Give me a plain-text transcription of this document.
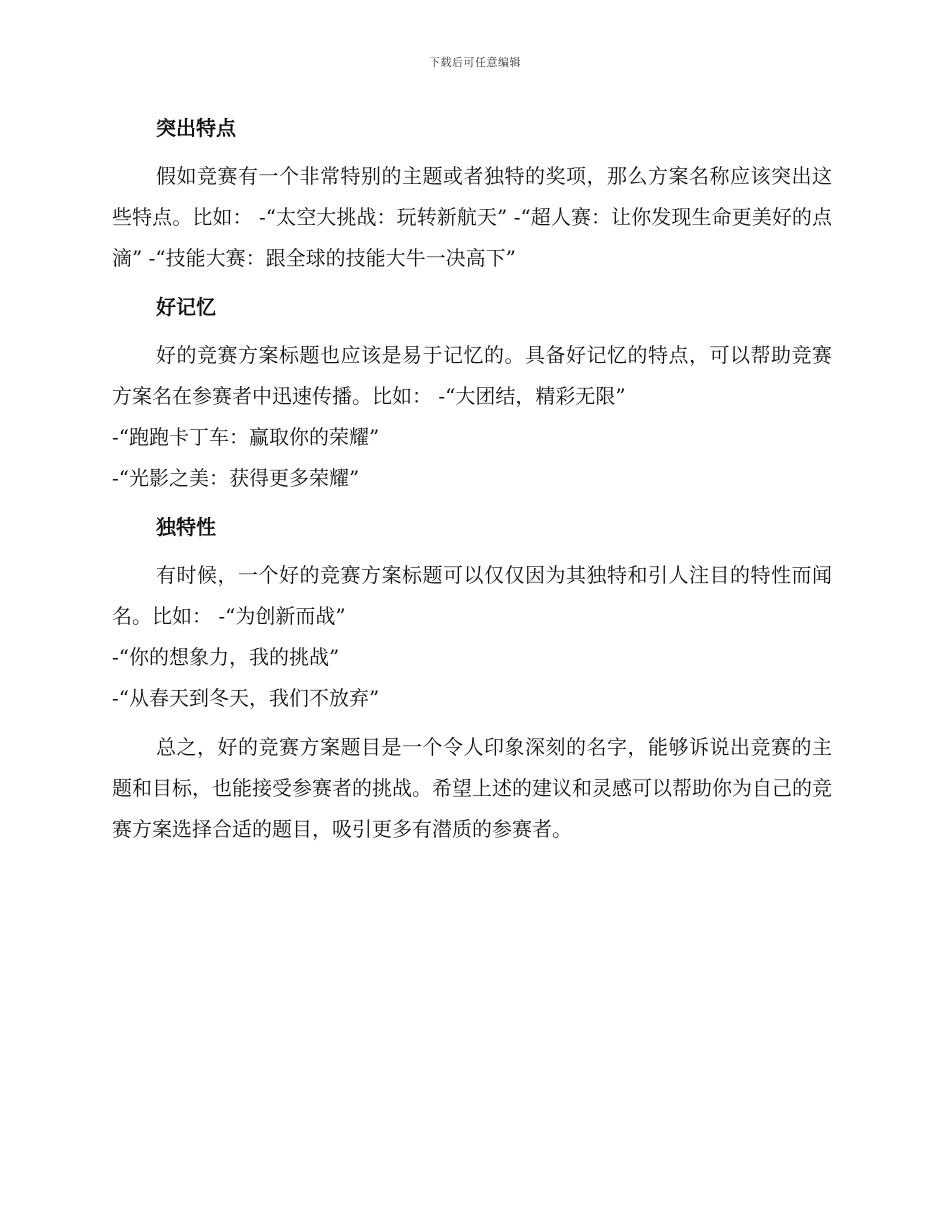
下载后可任意编辑
突出特点

假如竞赛有一个非常特别的主题或者独特的奖项，那么方案名称应该突出这些特点。比如： -“太空大挑战：玩转新航天” -“超人赛：让你发现生命更美好的点滴” -“技能大赛：跟全球的技能大牛一决高下”

好记忆

好的竞赛方案标题也应该是易于记忆的。具备好记忆的特点，可以帮助竞赛方案名在参赛者中迅速传播。比如： -“大团结，精彩无限”

-“跑跑卡丁车：赢取你的荣耀”

-“光影之美：获得更多荣耀”

独特性

有时候，一个好的竞赛方案标题可以仅仅因为其独特和引人注目的特性而闻名。比如： -“为创新而战”

-“你的想象力，我的挑战”

-“从春天到冬天，我们不放弃”

总之，好的竞赛方案题目是一个令人印象深刻的名字，能够诉说出竞赛的主题和目标，也能接受参赛者的挑战。希望上述的建议和灵感可以帮助你为自己的竞赛方案选择合适的题目，吸引更多有潜质的参赛者。
